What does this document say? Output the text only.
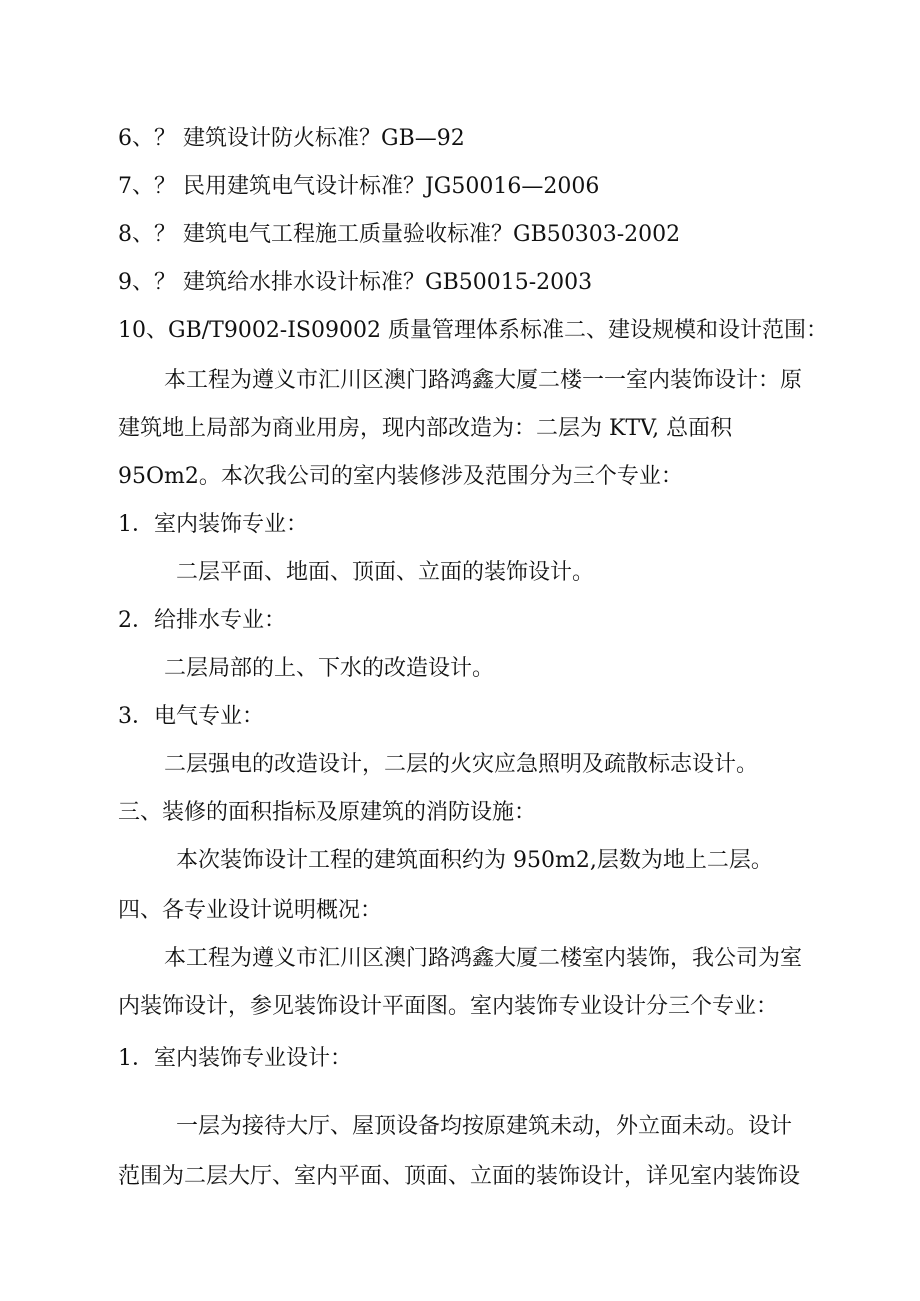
6、？ 建筑设计防火标准？GB—92
7、？ 民用建筑电气设计标准？JG50016—2006
8、？ 建筑电气工程施工质量验收标准？GB50303-2002
9、？ 建筑给水排水设计标准？GB50015-2003
10、GB/T9002-IS09002 质量管理体系标准二、建设规模和设计范围：
本工程为遵义市汇川区澳门路鸿鑫大厦二楼一一室内装饰设计：原
建筑地上局部为商业用房，现内部改造为：二层为 KTV, 总面积
95Om2。本次我公司的室内装修涉及范围分为三个专业：
1．室内装饰专业：
二层平面、地面、顶面、立面的装饰设计。
2．给排水专业：
二层局部的上、下水的改造设计。
3．电气专业：
二层强电的改造设计，二层的火灾应急照明及疏散标志设计。
三、装修的面积指标及原建筑的消防设施：
本次装饰设计工程的建筑面积约为 950m2,层数为地上二层。
四、各专业设计说明概况：
本工程为遵义市汇川区澳门路鸿鑫大厦二楼室内装饰，我公司为室
内装饰设计，参见装饰设计平面图。室内装饰专业设计分三个专业：
1．室内装饰专业设计：
一层为接待大厅、屋顶设备均按原建筑未动，外立面未动。设计
范围为二层大厅、室内平面、顶面、立面的装饰设计，详见室内装饰设
